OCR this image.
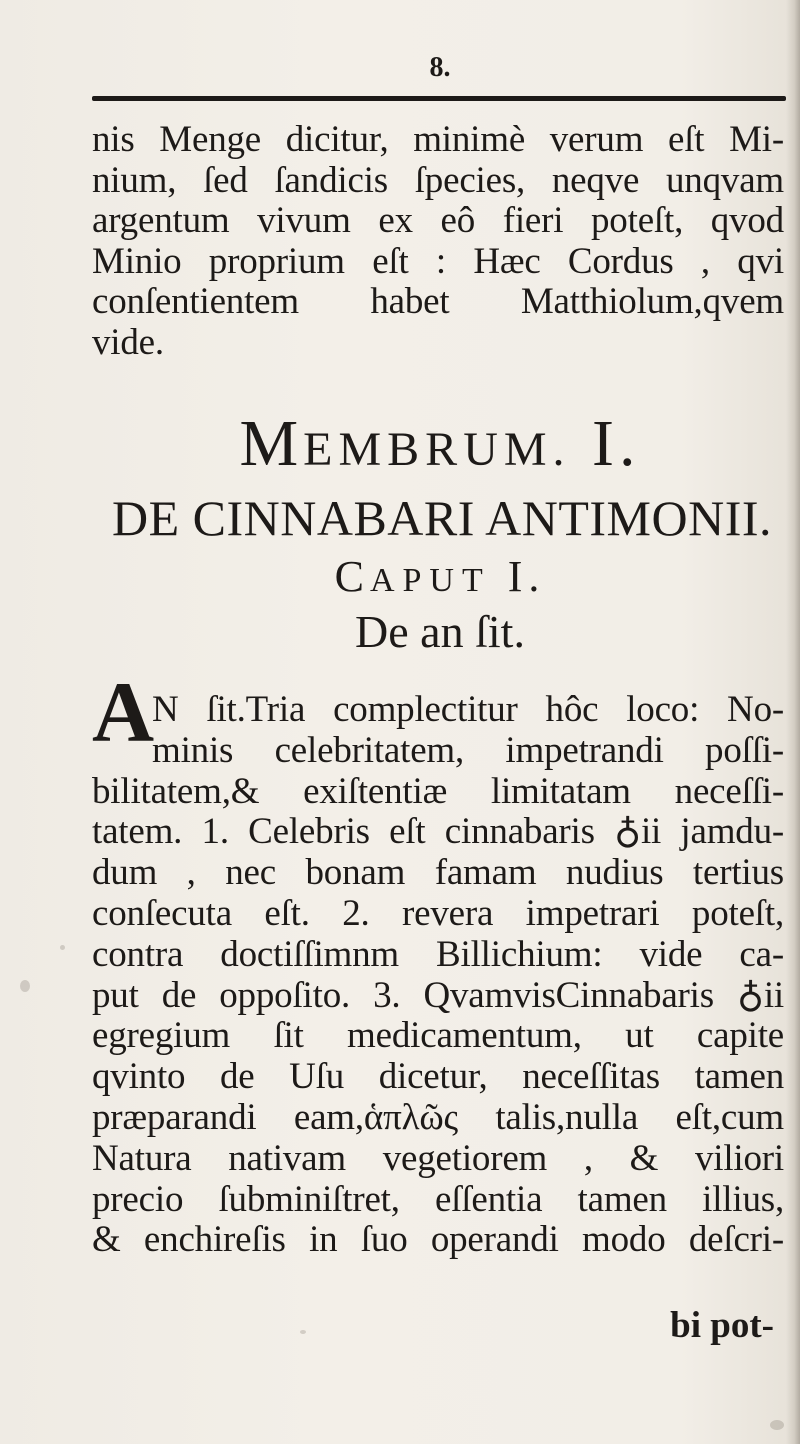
8.
nis Menge dicitur, minimè verum eſt Mi-
nium, ſed ſandicis ſpecies, neqve unqvam
argentum vivum ex eô fieri poteſt, qvod
Minio proprium eſt : Hæc Cordus , qvi
conſentientem habet Matthiolum,qvem
vide.
MEMBRUM. I.
DE CINNABARI ANTIMONII.
CAPUT I.
De an ſit.
A
N ſit.Tria complectitur hôc loco: No-
minis celebritatem, impetrandi poſſi-
bilitatem,& exiſtentiæ limitatam neceſſi-
tatem. 1. Celebris eſt cinnabaris ♁ii jamdu-
dum , nec bonam famam nudius tertius
conſecuta eſt. 2. revera impetrari poteſt,
contra doctiſſimnm Billichium: vide ca-
put de oppoſito. 3. QvamvisCinnabaris ♁ii
egregium ſit medicamentum, ut capite
qvinto de Uſu dicetur, neceſſitas tamen
præparandi eam,ἁπλῶς talis,nulla eſt,cum
Natura nativam vegetiorem , & viliori
precio ſubminiſtret, eſſentia tamen illius,
& enchireſis in ſuo operandi modo deſcri-
bi pot-
